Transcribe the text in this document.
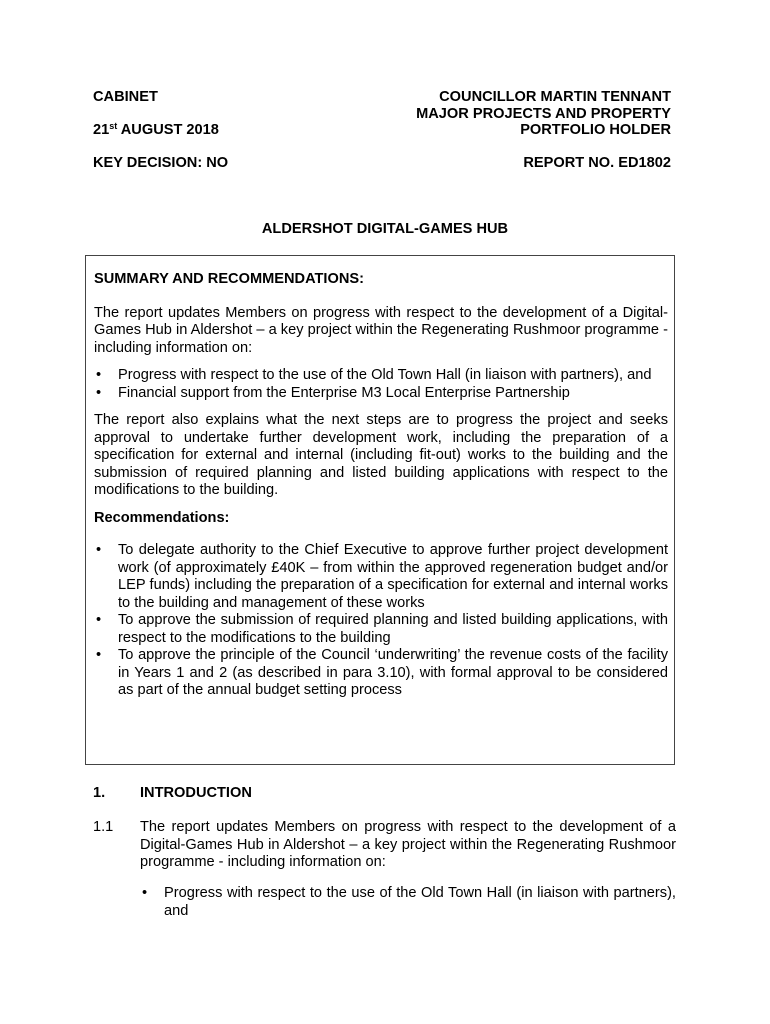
CABINET
21st AUGUST 2018
KEY DECISION: NO
COUNCILLOR MARTIN TENNANT
MAJOR PROJECTS AND PROPERTY
PORTFOLIO HOLDER
REPORT NO. ED1802
ALDERSHOT DIGITAL-GAMES HUB
SUMMARY AND RECOMMENDATIONS:

The report updates Members on progress with respect to the development of a Digital-Games Hub in Aldershot – a key project within the Regenerating Rushmoor programme - including information on:

• Progress with respect to the use of the Old Town Hall (in liaison with partners), and
• Financial support from the Enterprise M3 Local Enterprise Partnership

The report also explains what the next steps are to progress the project and seeks approval to undertake further development work, including the preparation of a specification for external and internal (including fit-out) works to the building and the submission of required planning and listed building applications with respect to the modifications to the building.

Recommendations:
• To delegate authority to the Chief Executive to approve further project development work (of approximately £40K – from within the approved regeneration budget and/or LEP funds) including the preparation of a specification for external and internal works to the building and management of these works
• To approve the submission of required planning and listed building applications, with respect to the modifications to the building
• To approve the principle of the Council ‘underwriting’ the revenue costs of the facility in Years 1 and 2 (as described in para 3.10), with formal approval to be considered as part of the annual budget setting process
1. INTRODUCTION
1.1 The report updates Members on progress with respect to the development of a Digital-Games Hub in Aldershot – a key project within the Regenerating Rushmoor programme - including information on:

• Progress with respect to the use of the Old Town Hall (in liaison with partners), and
